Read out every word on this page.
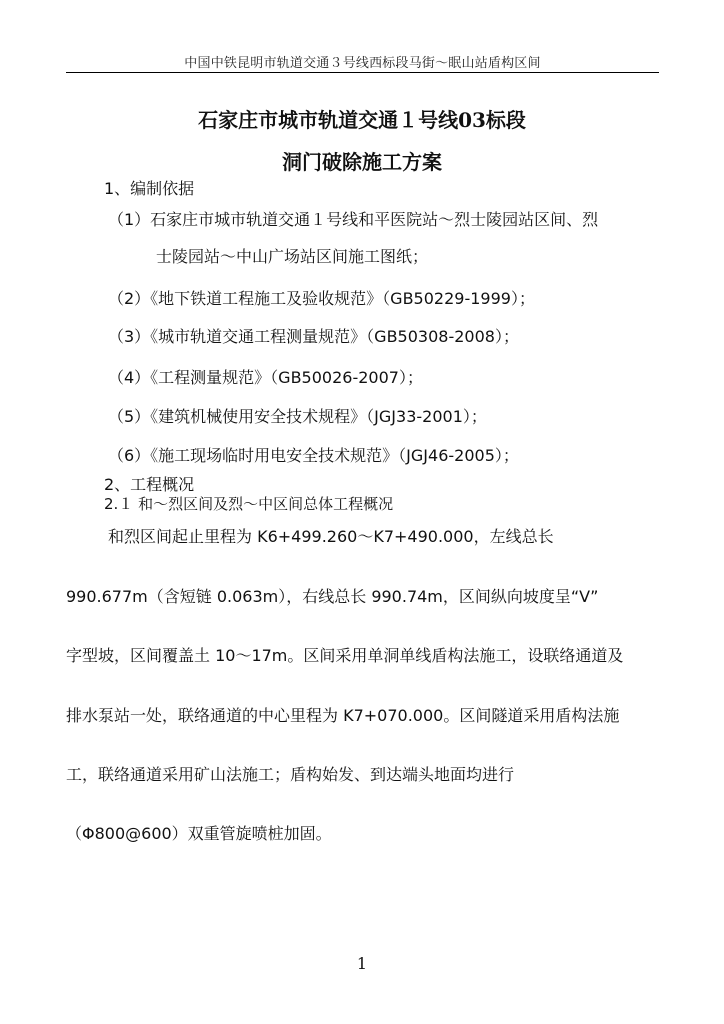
中国中铁昆明市轨道交通３号线西标段马街～眠山站盾构区间
石家庄市城市轨道交通１号线03标段
洞门破除施工方案
1、编制依据
（1）石家庄市城市轨道交通１号线和平医院站～烈士陵园站区间、烈
士陵园站～中山广场站区间施工图纸；
（2）《地下铁道工程施工及验收规范》（GB50229-1999）；
（3）《城市轨道交通工程测量规范》（GB50308-2008）；
（4）《工程测量规范》（GB50026-2007）；
（5）《建筑机械使用安全技术规程》（JGJ33-2001）；
（6）《施工现场临时用电安全技术规范》（JGJ46-2005）；
2、工程概况
2.１ 和～烈区间及烈～中区间总体工程概况
和烈区间起止里程为 K6+499.260～K7+490.000，左线总长
990.677m（含短链 0.063m），右线总长 990.74m，区间纵向坡度呈“V”
字型坡，区间覆盖土 10～17m。区间采用单洞单线盾构法施工，设联络通道及
排水泵站一处，联络通道的中心里程为 K7+070.000。区间隧道采用盾构法施
工，联络通道采用矿山法施工；盾构始发、到达端头地面均进行
（Φ800@600）双重管旋喷桩加固。
1
